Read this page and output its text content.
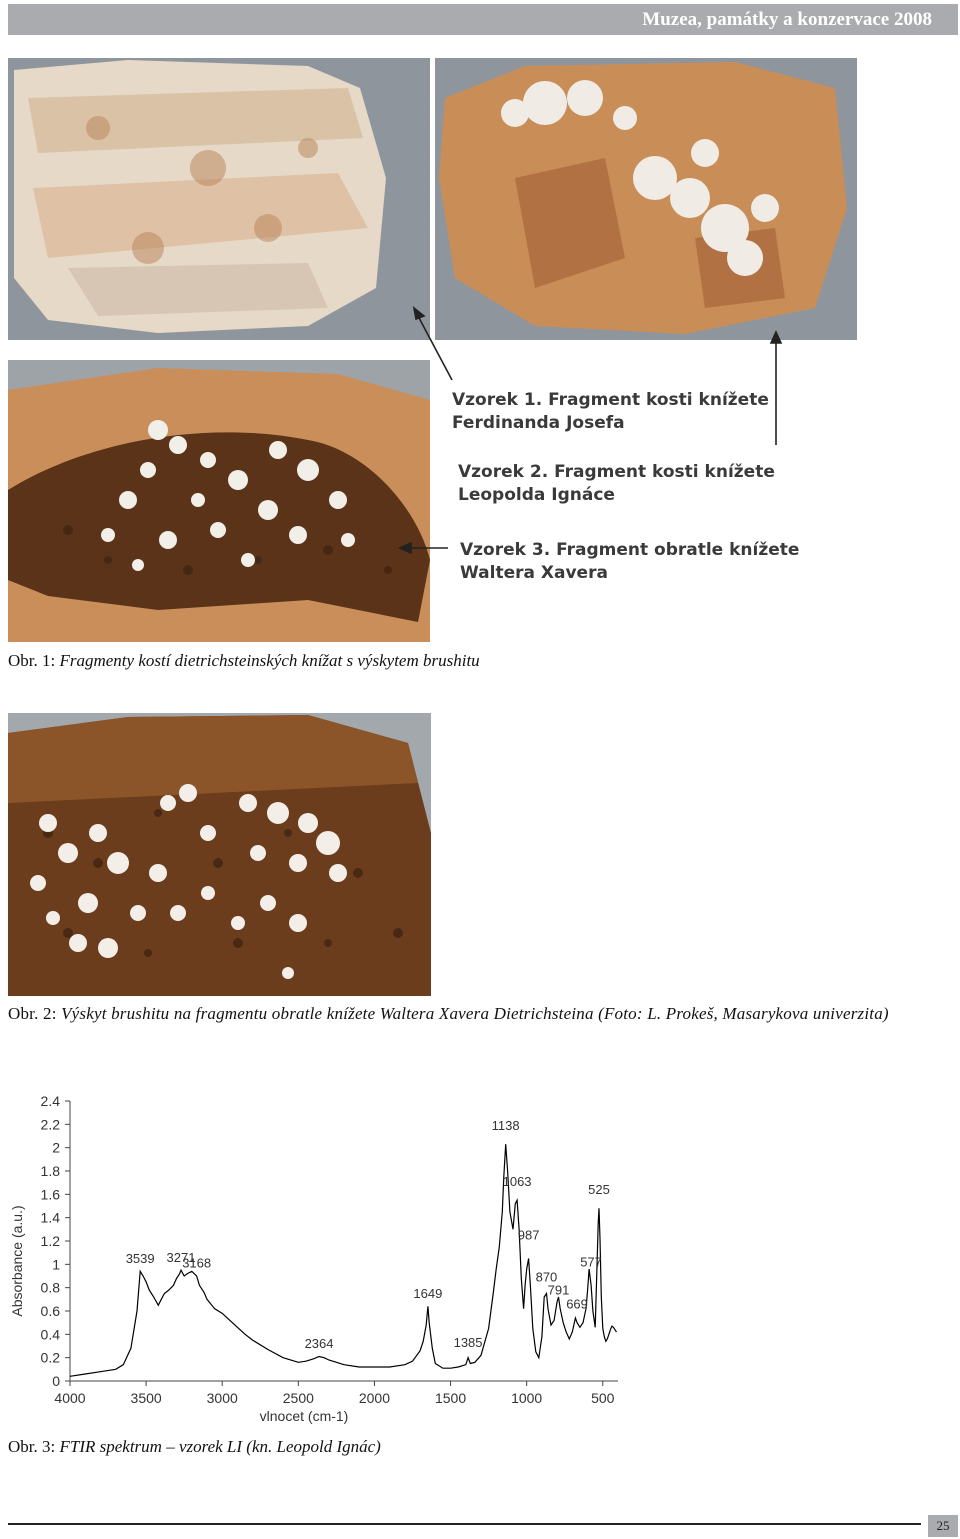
Muzea, památky a konzervace 2008
Vzorek 1. Fragment kosti knížete
Ferdinanda Josefa
Vzorek 2. Fragment kosti knížete
Leopolda Ignáce
Vzorek 3. Fragment obratle knížete
Waltera Xavera
Obr. 1: Fragmenty kostí dietrichsteinských knížat s výskytem brushitu
Obr. 2: Výskyt brushitu na fragmentu obratle knížete Waltera Xavera Dietrichsteina (Foto: L. Prokeš, Masarykova univerzita)
0
0.2
0.4
0.6
0.8
1
1.2
1.4
1.6
1.8
2
2.2
2.4
4000	3500	3000	2500	2000	1500	1000	500
vlnocet (cm-1)
Absorbance (a.u.)	3539 3271
3168
2364
1649
1385
1138
1063
987
870
791
669
577
525
Obr. 3: FTIR spektrum – vzorek LI (kn. Leopold Ignác)
25
